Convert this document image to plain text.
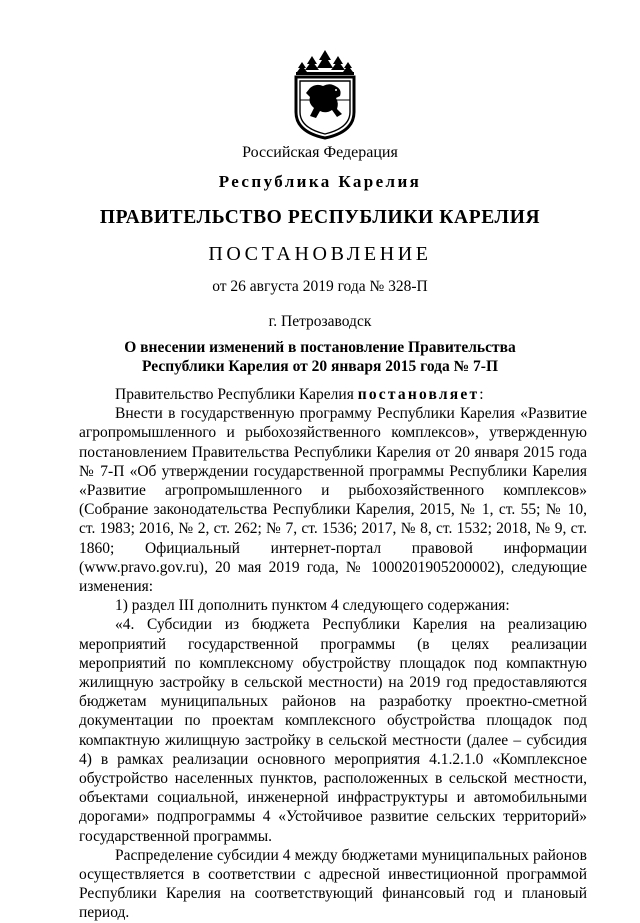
Российская Федерация
Республика Карелия
ПРАВИТЕЛЬСТВО РЕСПУБЛИКИ КАРЕЛИЯ
ПОСТАНОВЛЕНИЕ
от 26 августа 2019 года № 328-П
г. Петрозаводск
О внесении изменений в постановление Правительства
Республики Карелия от 20 января 2015 года № 7-П

Правительство Республики Карелия постановляет:

Внести в государственную программу Республики Карелия «Развитие агропромышленного и рыбохозяйственного комплексов», утвержденную постановлением Правительства Республики Карелия от 20 января 2015 года № 7-П «Об утверждении государственной программы Республики Карелия «Развитие агропромышленного и рыбохозяйственного комплексов» (Собрание законодательства Республики Карелия, 2015, № 1, ст. 55; № 10, ст. 1983; 2016, № 2, ст. 262; № 7, ст. 1536; 2017, № 8, ст. 1532; 2018, № 9, ст. 1860; Официальный интернет-портал правовой информации (www.pravo.gov.ru), 20 мая 2019 года, № 1000201905200002), следующие изменения:

1) раздел III дополнить пунктом 4 следующего содержания:

«4. Субсидии из бюджета Республики Карелия на реализацию мероприятий государственной программы (в целях реализации мероприятий по комплексному обустройству площадок под компактную жилищную застройку в сельской местности) на 2019 год предоставляются бюджетам муниципальных районов на разработку проектно-сметной документации по проектам комплексного обустройства площадок под компактную жилищную застройку в сельской местности (далее – субсидия 4) в рамках реализации основного мероприятия 4.1.2.1.0 «Комплексное обустройство населенных пунктов, расположенных в сельской местности, объектами социальной, инженерной инфраструктуры и автомобильными дорогами» подпрограммы 4 «Устойчивое развитие сельских территорий» государственной программы.

Распределение субсидии 4 между бюджетами муниципальных районов осуществляется в соответствии с адресной инвестиционной программой Республики Карелия на соответствующий финансовый год и плановый период.
